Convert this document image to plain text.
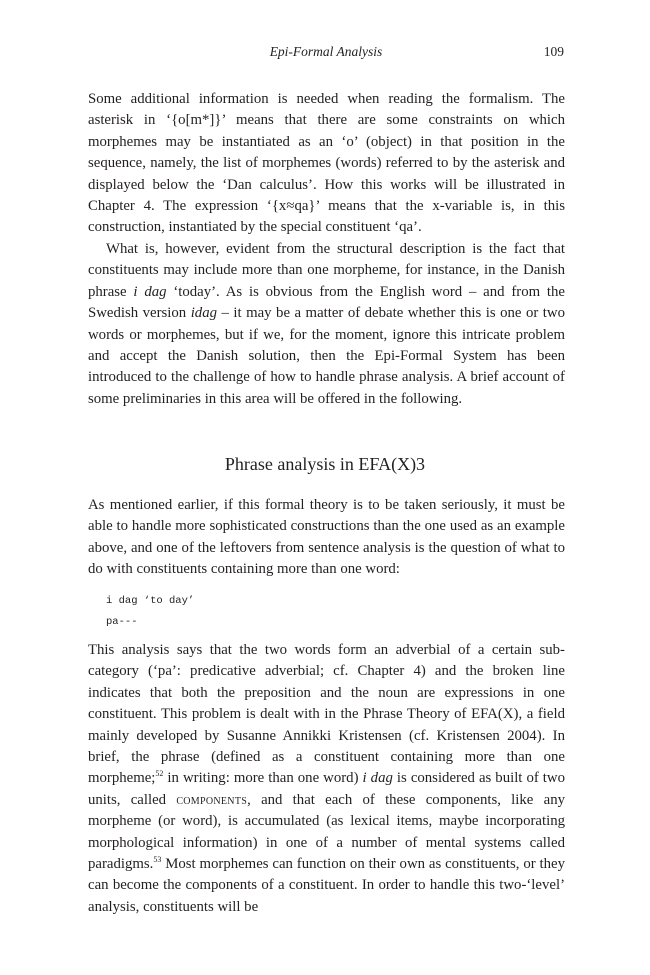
Epi-Formal Analysis	109

Some additional information is needed when reading the formalism. The asterisk in ‘{o[m*]}’ means that there are some constraints on which morphemes may be instantiated as an ‘o’ (object) in that position in the sequence, namely, the list of morphemes (words) referred to by the asterisk and displayed below the ‘Dan calculus’. How this works will be illustrated in Chapter 4. The expression ‘{x≈qa}’ means that the x-variable is, in this construction, instantiated by the special constituent ‘qa’.

What is, however, evident from the structural description is the fact that constituents may include more than one morpheme, for instance, in the Danish phrase i dag ‘today’. As is obvious from the English word – and from the Swedish version idag – it may be a matter of debate whether this is one or two words or morphemes, but if we, for the moment, ignore this intricate problem and accept the Danish solution, then the Epi-Formal System has been introduced to the challenge of how to handle phrase analysis. A brief account of some preliminaries in this area will be offered in the following.

Phrase analysis in EFA(X)3

As mentioned earlier, if this formal theory is to be taken seriously, it must be able to handle more sophisticated constructions than the one used as an example above, and one of the leftovers from sentence analysis is the question of what to do with constituents containing more than one word:

i dag ‘to day’
pa---

This analysis says that the two words form an adverbial of a certain sub-category (‘pa’: predicative adverbial; cf. Chapter 4) and the broken line indicates that both the preposition and the noun are expressions in one constituent. This problem is dealt with in the Phrase Theory of EFA(X), a field mainly developed by Susanne Annikki Kristensen (cf. Kristensen 2004). In brief, the phrase (defined as a constituent containing more than one morpheme;$^{52}$ in writing: more than one word) i dag is considered as built of two units, called components, and that each of these components, like any morpheme (or word), is accumulated (as lexical items, maybe incorporating morphological information) in one of a number of mental systems called paradigms.$^{53}$ Most morphemes can function on their own as constituents, or they can become the components of a constituent. In order to handle this two-‘level’ analysis, constituents will be
